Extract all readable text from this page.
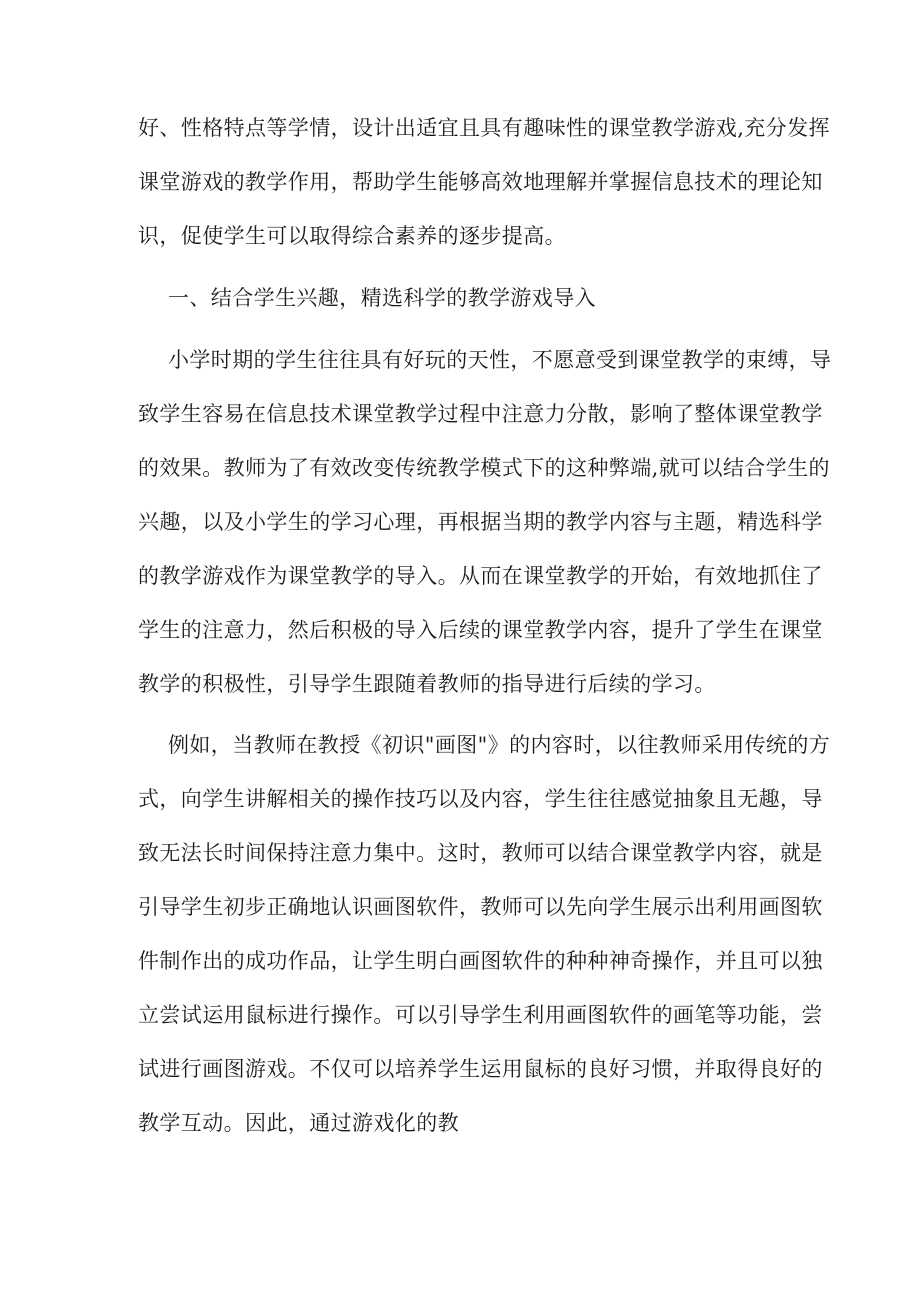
好、性格特点等学情，设计出适宜且具有趣味性的课堂教学游戏,充分发挥
课堂游戏的教学作用，帮助学生能够高效地理解并掌握信息技术的理论知
识，促使学生可以取得综合素养的逐步提高。
一、结合学生兴趣，精选科学的教学游戏导入
小学时期的学生往往具有好玩的天性，不愿意受到课堂教学的束缚，导
致学生容易在信息技术课堂教学过程中注意力分散，影响了整体课堂教学
的效果。教师为了有效改变传统教学模式下的这种弊端,就可以结合学生的
兴趣，以及小学生的学习心理，再根据当期的教学内容与主题，精选科学
的教学游戏作为课堂教学的导入。从而在课堂教学的开始，有效地抓住了
学生的注意力，然后积极的导入后续的课堂教学内容，提升了学生在课堂
教学的积极性，引导学生跟随着教师的指导进行后续的学习。
例如，当教师在教授《初识"画图"》的内容时，以往教师采用传统的方
式，向学生讲解相关的操作技巧以及内容，学生往往感觉抽象且无趣，导
致无法长时间保持注意力集中。这时，教师可以结合课堂教学内容，就是
引导学生初步正确地认识画图软件，教师可以先向学生展示出利用画图软
件制作出的成功作品，让学生明白画图软件的种种神奇操作，并且可以独
立尝试运用鼠标进行操作。可以引导学生利用画图软件的画笔等功能，尝
试进行画图游戏。不仅可以培养学生运用鼠标的良好习惯，并取得良好的
教学互动。因此，通过游戏化的教
